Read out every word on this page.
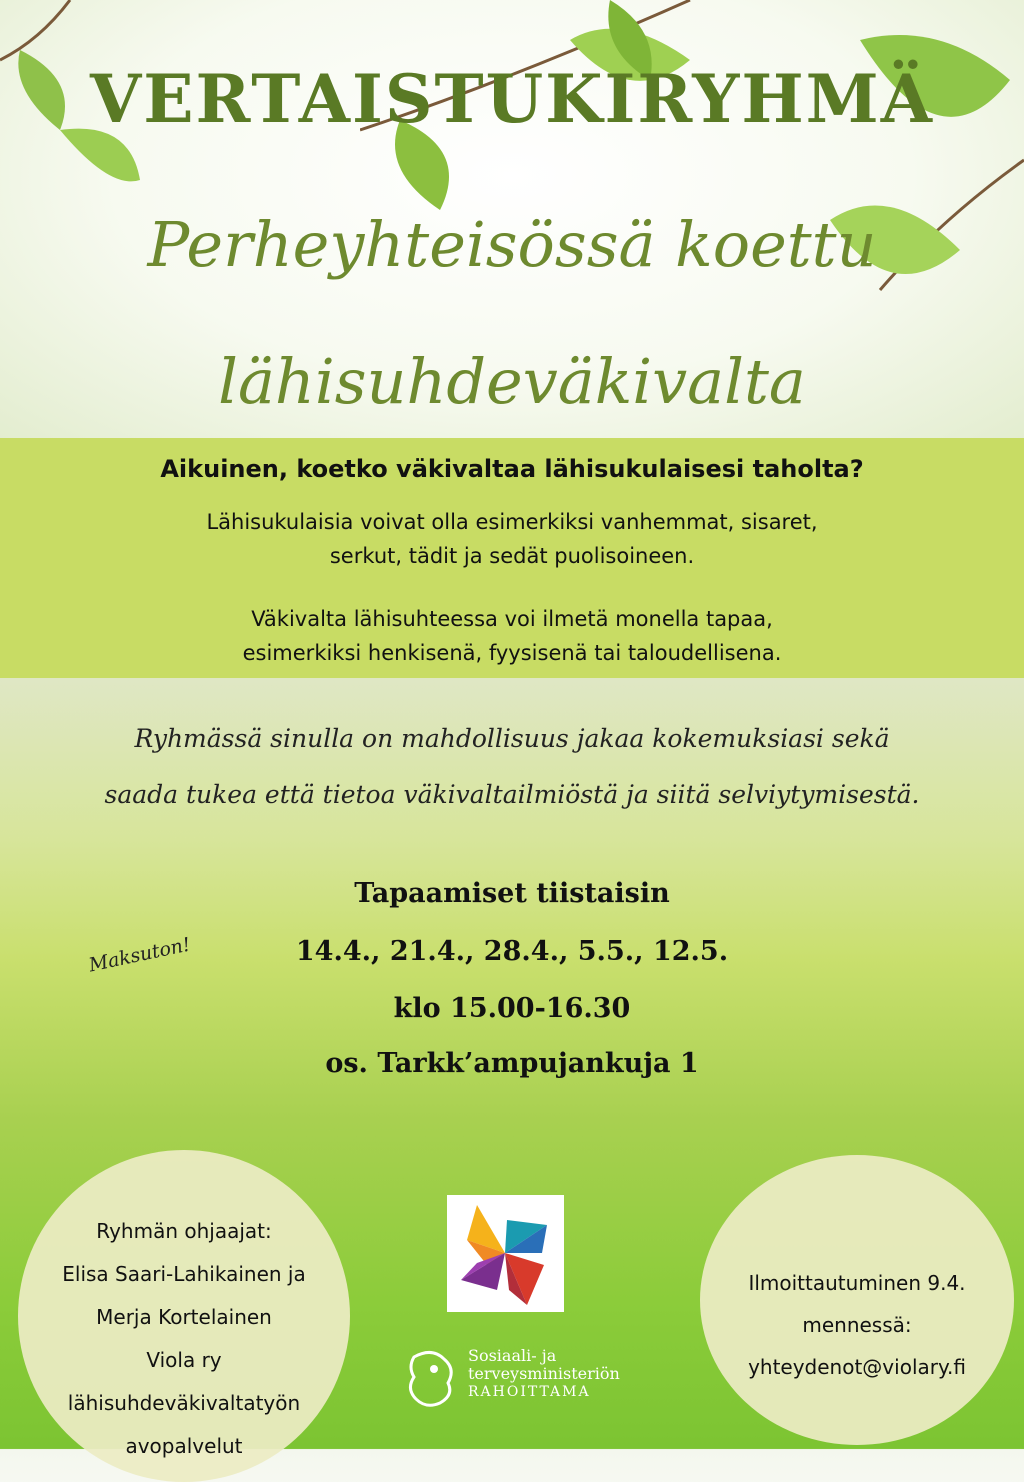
VERTAISTUKIRYHMÄ

Perheyhteisössä koettu

lähisuhdeväkivalta

Aikuinen, koetko väkivaltaa lähisukulaisesi taholta?
Lähisukulaisia voivat olla esimerkiksi vanhemmat, sisaret,
serkut, tädit ja sedät puolisoineen.
Väkivalta lähisuhteessa voi ilmetä monella tapaa,
esimerkiksi henkisenä, fyysisenä tai taloudellisena.
Ryhmässä sinulla on mahdollisuus jakaa kokemuksiasi sekä
saada tukea että tietoa väkivaltailmiöstä ja siitä selviytymisestä.
Tapaamiset tiistaisin
14.4., 21.4., 28.4., 5.5., 12.5.
klo 15.00-16.30
os. Tarkk’ampujankuja 1
Maksuton!
Ryhmän ohjaajat:
Elisa Saari-Lahikainen ja
Merja Kortelainen
Viola ry
lähisuhdeväkivaltatyön
avopalvelut
Ilmoittautuminen 9.4.
mennessä:
yhteydenot@violary.fi
Sosiaali- ja
terveysministeriön
RAHOITTAMA
